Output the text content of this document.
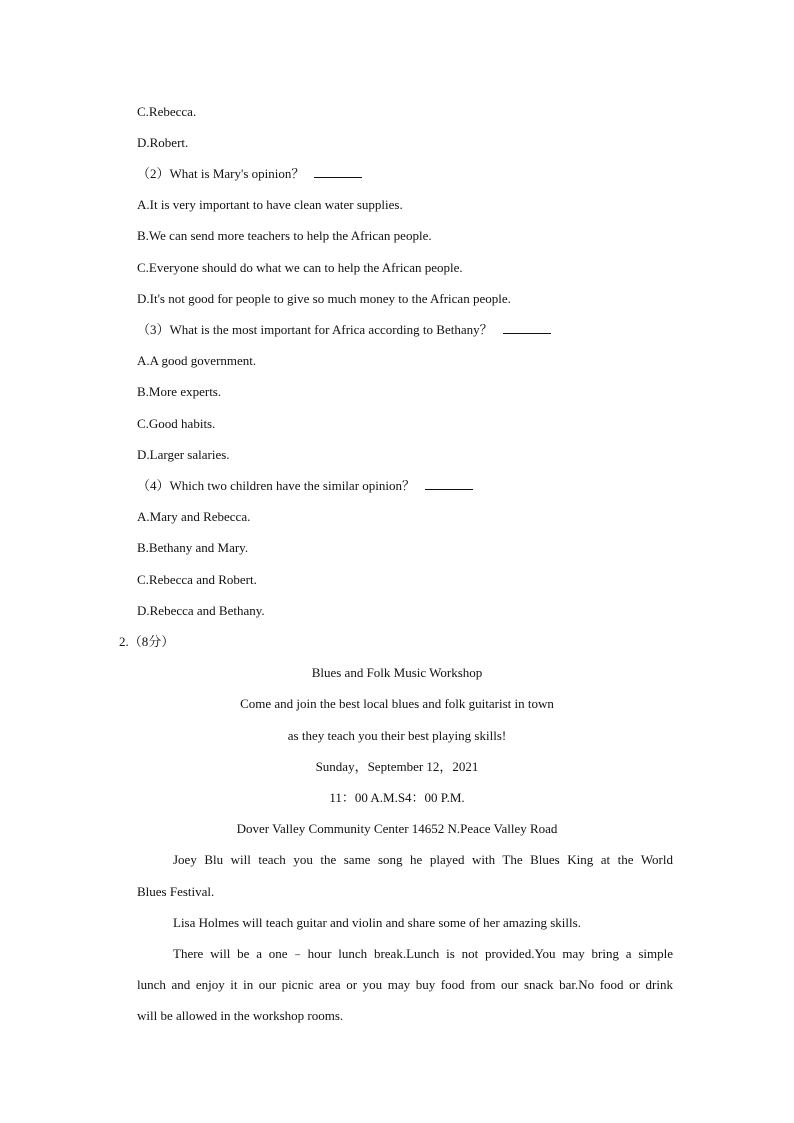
C.Rebecca.
D.Robert.
（2）What is Mary's opinion？
A.It is very important to have clean water supplies.
B.We can send more teachers to help the African people.
C.Everyone should do what we can to help the African people.
D.It's not good for people to give so much money to the African people.
（3）What is the most important for Africa according to Bethany？
A.A good government.
B.More experts.
C.Good habits.
D.Larger salaries.
（4）Which two children have the similar opinion？
A.Mary and Rebecca.
B.Bethany and Mary.
C.Rebecca and Robert.
D.Rebecca and Bethany.
2.（8分）
Blues and Folk Music Workshop
Come and join the best local blues and folk guitarist in town
as they teach you their best playing skills!
Sunday，September 12，2021
11：00 A.M.S4：00 P.M.
Dover Valley Community Center 14652 N.Peace Valley Road
Joey Blu will teach you the same song he played with The Blues King at the World
Blues Festival.
Lisa Holmes will teach guitar and violin and share some of her amazing skills.
There will be a one﹣hour lunch break.Lunch is not provided.You may bring a simple
lunch and enjoy it in our picnic area or you may buy food from our snack bar.No food or drink
will be allowed in the workshop rooms.
